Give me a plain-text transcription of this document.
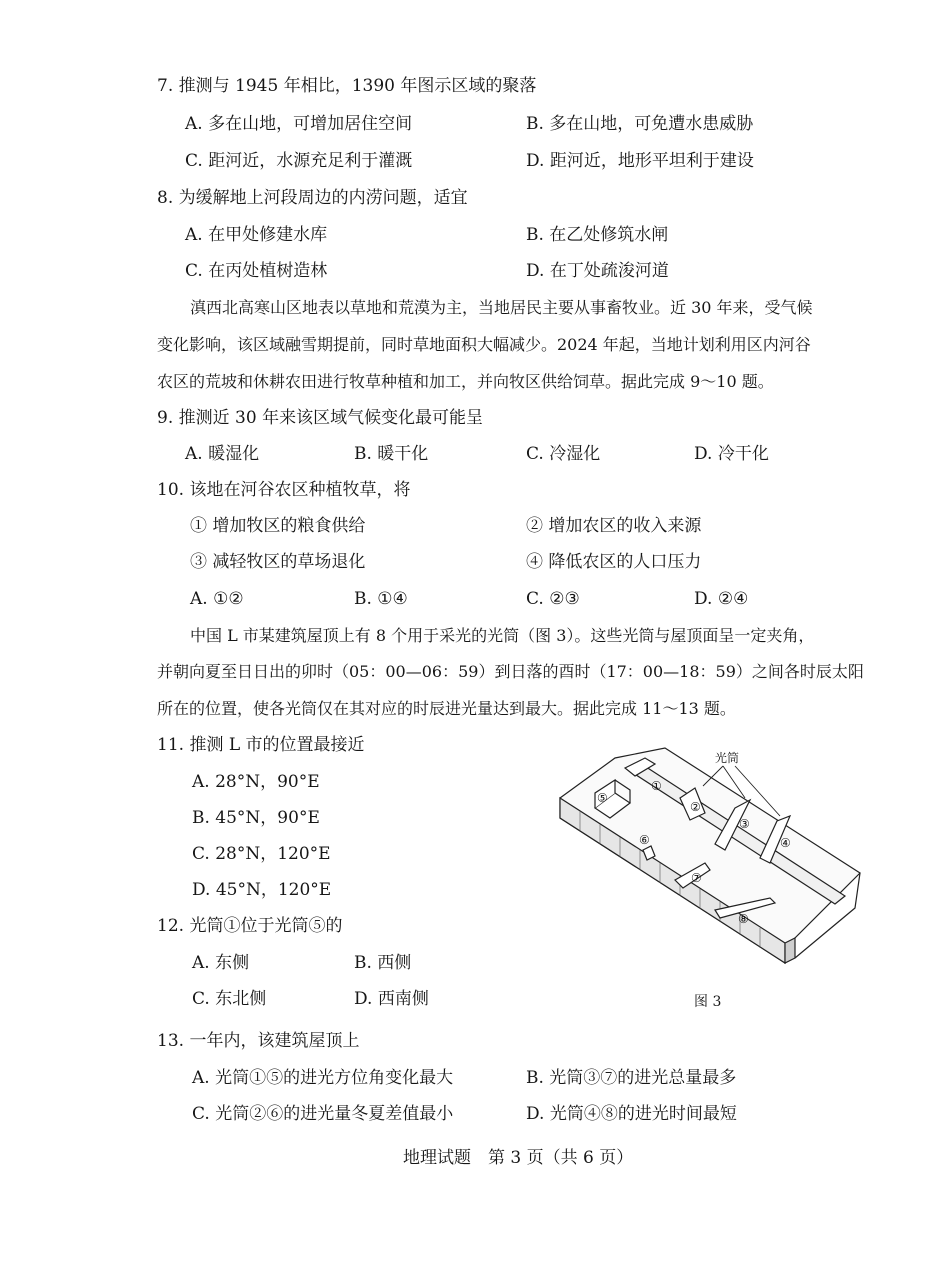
7. 推测与 1945 年相比，1390 年图示区域的聚落
A. 多在山地，可增加居住空间	B. 多在山地，可免遭水患威胁
C. 距河近，水源充足利于灌溉	D. 距河近，地形平坦利于建设
8. 为缓解地上河段周边的内涝问题，适宜
A. 在甲处修建水库	B. 在乙处修筑水闸
C. 在丙处植树造林	D. 在丁处疏浚河道
滇西北高寒山区地表以草地和荒漠为主，当地居民主要从事畜牧业。近 30 年来，受气候
变化影响，该区域融雪期提前，同时草地面积大幅减少。2024 年起，当地计划利用区内河谷
农区的荒坡和休耕农田进行牧草种植和加工，并向牧区供给饲草。据此完成 9～10 题。
9. 推测近 30 年来该区域气候变化最可能呈
A. 暖湿化	B. 暖干化	C. 冷湿化	D. 冷干化
10. 该地在河谷农区种植牧草，将
① 增加牧区的粮食供给	② 增加农区的收入来源
③ 减轻牧区的草场退化	④ 降低农区的人口压力
A. ①②	B. ①④	C. ②③	D. ②④
中国 L 市某建筑屋顶上有 8 个用于采光的光筒（图 3）。这些光筒与屋顶面呈一定夹角，
并朝向夏至日日出的卯时（05：00—06：59）到日落的酉时（17：00—18：59）之间各时辰太阳
所在的位置，使各光筒仅在其对应的时辰进光量达到最大。据此完成 11～13 题。
11. 推测 L 市的位置最接近
A. 28°N，90°E
B. 45°N，90°E
C. 28°N，120°E
D. 45°N，120°E
12. 光筒①位于光筒⑤的
A. 东侧	B. 西侧
C. 东北侧	D. 西南侧
光筒
⑤
①
②
③
④
⑥
⑦
⑧
图 3
13. 一年内，该建筑屋顶上
A. 光筒①⑤的进光方位角变化最大	B. 光筒③⑦的进光总量最多
C. 光筒②⑥的进光量冬夏差值最小	D. 光筒④⑧的进光时间最短
地理试题　第 3 页（共 6 页）
